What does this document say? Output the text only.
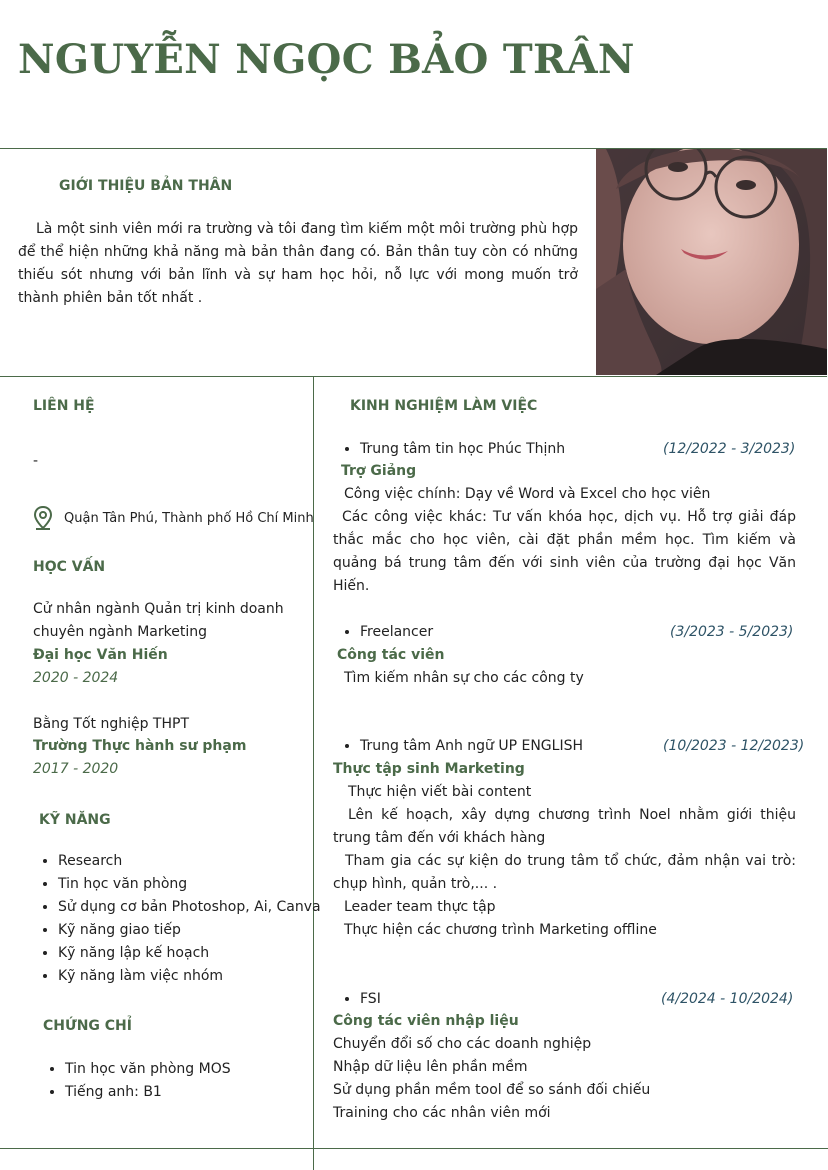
NGUYỄN NGỌC BẢO TRÂN
GIỚI THIỆU BẢN THÂN

Là một sinh viên mới ra trường và tôi đang tìm kiếm một môi trường phù hợp để thể hiện những khả năng mà bản thân đang có. Bản thân tuy còn có những thiếu sót nhưng với bản lĩnh và sự ham học hỏi, nỗ lực với mong muốn trở thành phiên bản tốt nhất .

LIÊN HỆ

-

Quận Tân Phú, Thành phố Hồ Chí Minh

HỌC VẤN

Cử nhân ngành Quản trị kinh doanh

chuyên ngành Marketing

Đại học Văn Hiến

2020 - 2024

Bằng Tốt nghiệp THPT

Trường Thực hành sư phạm

2017 - 2020

KỸ NĂNG
• Research
• Tin học văn phòng
• Sử dụng cơ bản Photoshop, Ai, Canva
• Kỹ năng giao tiếp
• Kỹ năng lập kế hoạch
• Kỹ năng làm việc nhóm
CHỨNG CHỈ
• Tin học văn phòng MOS
• Tiếng anh: B1
KINH NGHIỆM LÀM VIỆC
• Trung tâm tin học Phúc Thịnh	(12/2022 - 3/2023)

Trợ Giảng

Công việc chính: Dạy về Word và Excel cho học viên

Các công việc khác: Tư vấn khóa học, dịch vụ. Hỗ trợ giải đáp thắc mắc cho học viên, cài đặt phần mềm học. Tìm kiếm và quảng bá trung tâm đến với sinh viên của trường đại học Văn Hiến.

• Freelancer	(3/2023 - 5/2023)

Công tác viên

Tìm kiếm nhân sự cho các công ty

• Trung tâm Anh ngữ UP ENGLISH	(10/2023 - 12/2023)

Thực tập sinh Marketing

Thực hiện viết bài content

Lên kế hoạch, xây dựng chương trình Noel nhằm giới thiệu trung tâm đến với khách hàng

Tham gia các sự kiện do trung tâm tổ chức, đảm nhận vai trò: chụp hình, quản trò,... .

Leader team thực tập

Thực hiện các chương trình Marketing offline

• FSI	(4/2024 - 10/2024)

Công tác viên nhập liệu

Chuyển đổi số cho các doanh nghiệp

Nhập dữ liệu lên phần mềm

Sử dụng phần mềm tool để so sánh đối chiếu

Training cho các nhân viên mới
